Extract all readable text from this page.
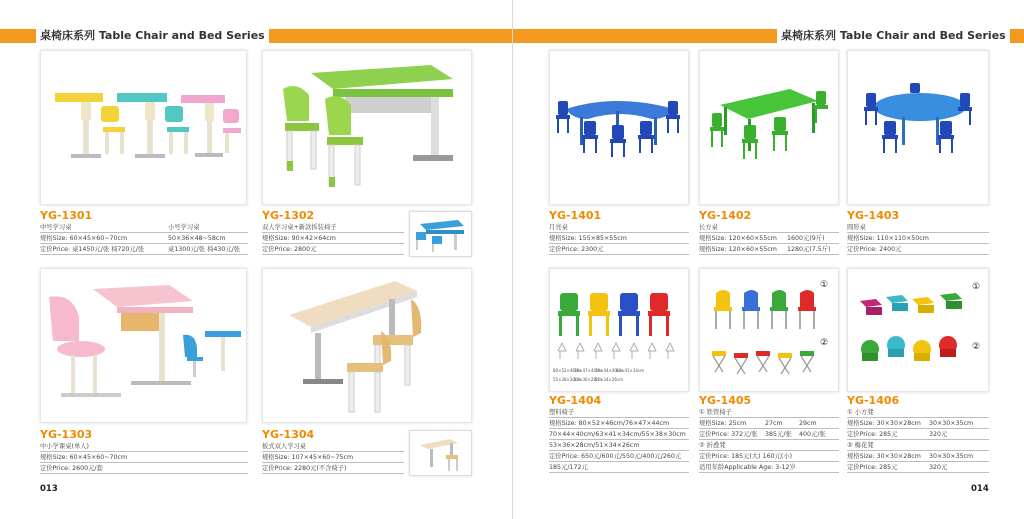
桌椅床系列 Table Chair and Bed Series
YG-1301
中号学习桌	小号学习桌
规格Size: 60×45×60~70cm	50×36×48~58cm
定价Price: 桌1450元/张 椅720元/张	桌1300元/张 椅430元/张
YG-1302
双人学习桌+新款拆装椅子
规格Size: 90×42×64cm
定价Price: 2800元
YG-1303
中小学课桌(单人)
规格Size: 60×45×60~70cm
定价Price: 2600元/套
YG-1304
板式双人学习桌
规格Size: 107×45×60~75cm
定价Price: 2280元(不含椅子)
013
桌椅床系列 Table Chair and Bed Series
YG-1401
月亮桌
规格Size: 155×85×55cm
定价Price: 2300元
YG-1402
长方桌
规格Size: 120×60×55cm 1600元(9斤)
规格Size: 120×60×55cm 1280元(7.5斤)
YG-1403
圆形桌
规格Size: 110×110×50cm
定价Price: 2400元
80×52×46cm
76×47×44cm
70×44×40cm
63×41×34cm
55×38×30cm
53×36×28cm
51×34×26cm
YG-1404
塑料椅子
规格Size: 80×52×46cm/76×47×44cm
70×44×40cm/63×41×34cm/55×38×30cm
53×36×28cm/51×34×26cm
定价Price: 650元/600元/550元/400元/260元
185元/172元
①
②
YG-1405
① 铁管椅子
规格Size: 25cm	27cm	29cm
定价Price: 372元/张 385元/张 400元/张
② 折叠凳
定价Price: 185元(大) 160元(小)
适用年龄Applicable Age: 3-12岁
①
②
YG-1406
① 小方凳
规格Size: 30×30×28cm 30×30×35cm
定价Price: 285元	320元
② 梅花凳
规格Size: 30×30×28cm 30×30×35cm
定价Price: 285元	320元
014
